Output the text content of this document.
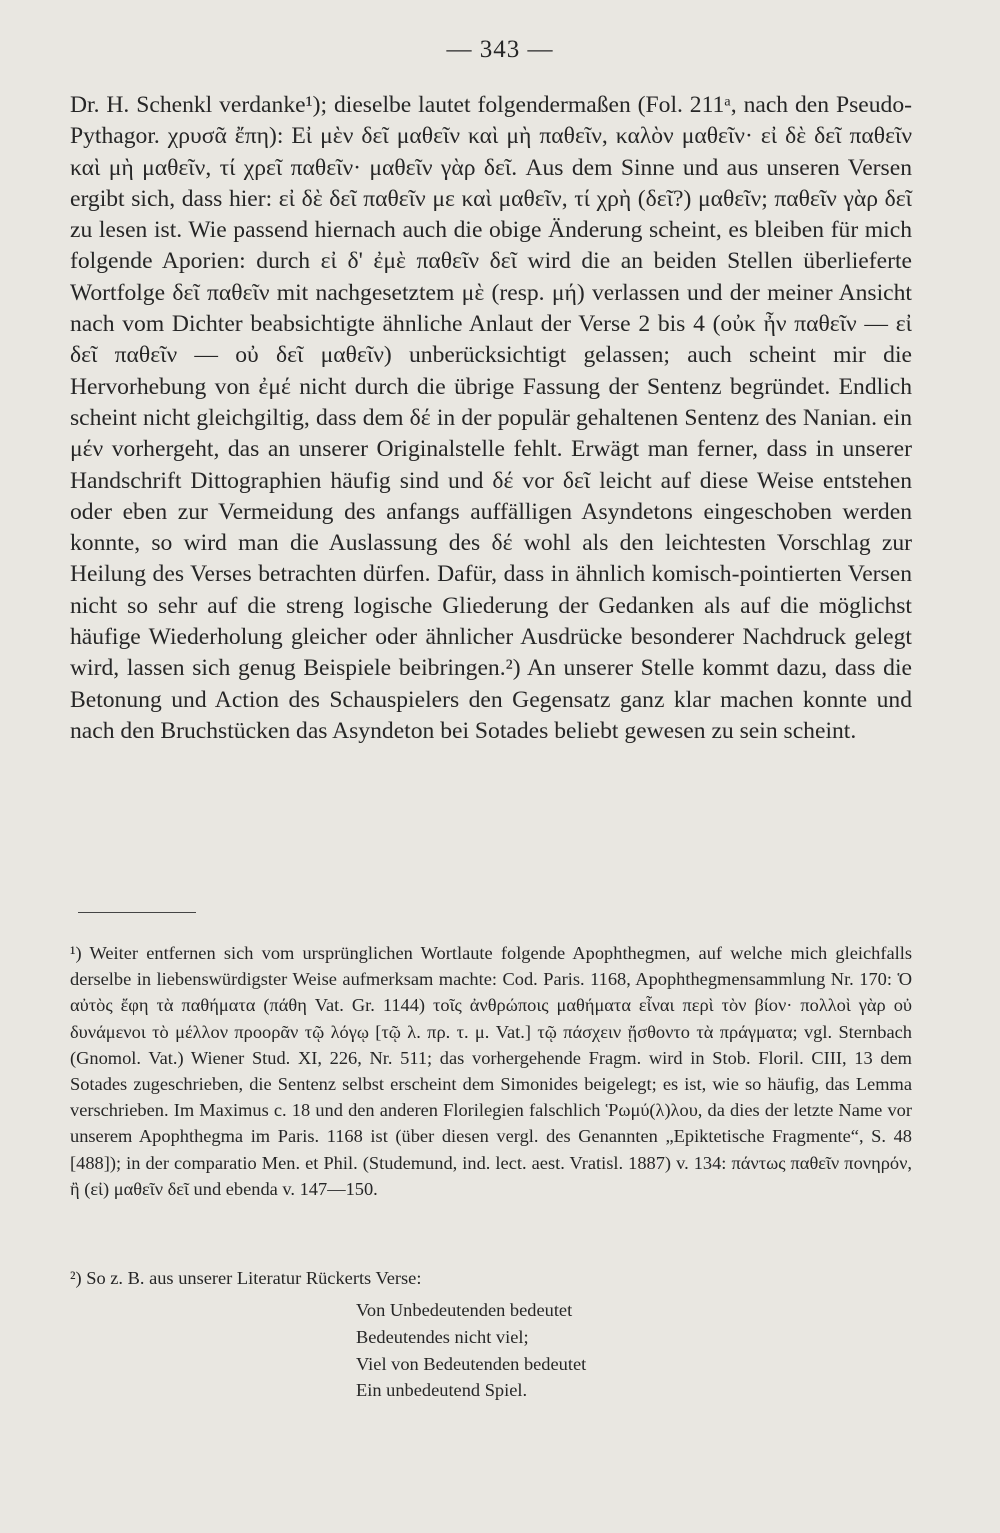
— 343 —

Dr. H. Schenkl verdanke¹); dieselbe lautet folgendermaßen (Fol. 211ᵃ, nach den Pseudo-Pythagor. χρυσᾶ ἔπη): Εἰ μὲν δεῖ μαθεῖν καὶ μὴ παθεῖν, καλὸν μαθεῖν· εἰ δὲ δεῖ παθεῖν καὶ μὴ μαθεῖν, τί χρεῖ παθεῖν· μαθεῖν γὰρ δεῖ. Aus dem Sinne und aus unseren Versen ergibt sich, dass hier: εἰ δὲ δεῖ παθεῖν με καὶ μαθεῖν, τί χρὴ (δεῖ?) μαθεῖν; παθεῖν γὰρ δεῖ zu lesen ist. Wie passend hiernach auch die obige Änderung scheint, es bleiben für mich folgende Aporien: durch εἰ δ' ἐμὲ παθεῖν δεῖ wird die an beiden Stellen überlieferte Wortfolge δεῖ παθεῖν mit nachgesetztem μὲ (resp. μή) verlassen und der meiner Ansicht nach vom Dichter beabsichtigte ähnliche Anlaut der Verse 2 bis 4 (οὐκ ἦν παθεῖν — εἰ δεῖ παθεῖν — οὐ δεῖ μαθεῖν) unberücksichtigt gelassen; auch scheint mir die Hervorhebung von ἐμέ nicht durch die übrige Fassung der Sentenz begründet. Endlich scheint nicht gleichgiltig, dass dem δέ in der populär gehaltenen Sentenz des Nanian. ein μέν vorhergeht, das an unserer Originalstelle fehlt. Erwägt man ferner, dass in unserer Handschrift Dittographien häufig sind und δέ vor δεῖ leicht auf diese Weise entstehen oder eben zur Vermeidung des anfangs auffälligen Asyndetons eingeschoben werden konnte, so wird man die Auslassung des δέ wohl als den leichtesten Vorschlag zur Heilung des Verses betrachten dürfen. Dafür, dass in ähnlich komisch-pointierten Versen nicht so sehr auf die streng logische Gliederung der Gedanken als auf die möglichst häufige Wiederholung gleicher oder ähnlicher Ausdrücke besonderer Nachdruck gelegt wird, lassen sich genug Beispiele beibringen.²) An unserer Stelle kommt dazu, dass die Betonung und Action des Schauspielers den Gegensatz ganz klar machen konnte und nach den Bruchstücken das Asyndeton bei Sotades beliebt gewesen zu sein scheint.

¹) Weiter entfernen sich vom ursprünglichen Wortlaute folgende Apophthegmen, auf welche mich gleichfalls derselbe in liebenswürdigster Weise aufmerksam machte: Cod. Paris. 1168, Apophthegmensammlung Nr. 170: Ὁ αὐτὸς ἔφη τὰ παθήματα (πάθη Vat. Gr. 1144) τοῖς ἀνθρώποις μαθήματα εἶναι περὶ τὸν βίον· πολλοὶ γὰρ οὐ δυνάμενοι τὸ μέλλον προορᾶν τῷ λόγῳ [τῷ λ. πρ. τ. μ. Vat.] τῷ πάσχειν ᾔσθοντο τὰ πράγματα; vgl. Sternbach (Gnomol. Vat.) Wiener Stud. XI, 226, Nr. 511; das vorhergehende Fragm. wird in Stob. Floril. CIII, 13 dem Sotades zugeschrieben, die Sentenz selbst erscheint dem Simonides beigelegt; es ist, wie so häufig, das Lemma verschrieben. Im Maximus c. 18 und den anderen Florilegien falschlich Ῥωμύ(λ)λου, da dies der letzte Name vor unserem Apophthegma im Paris. 1168 ist (über diesen vergl. des Genannten „Epiktetische Fragmente“, S. 48 [488]); in der comparatio Men. et Phil. (Studemund, ind. lect. aest. Vratisl. 1887) v. 134: πάντως παθεῖν πονηρόν, ἢ (εἰ) μαθεῖν δεῖ und ebenda v. 147—150.

²) So z. B. aus unserer Literatur Rückerts Verse:

Von Unbedeutenden bedeutet
Bedeutendes nicht viel;
Viel von Bedeutenden bedeutet
Ein unbedeutend Spiel.
